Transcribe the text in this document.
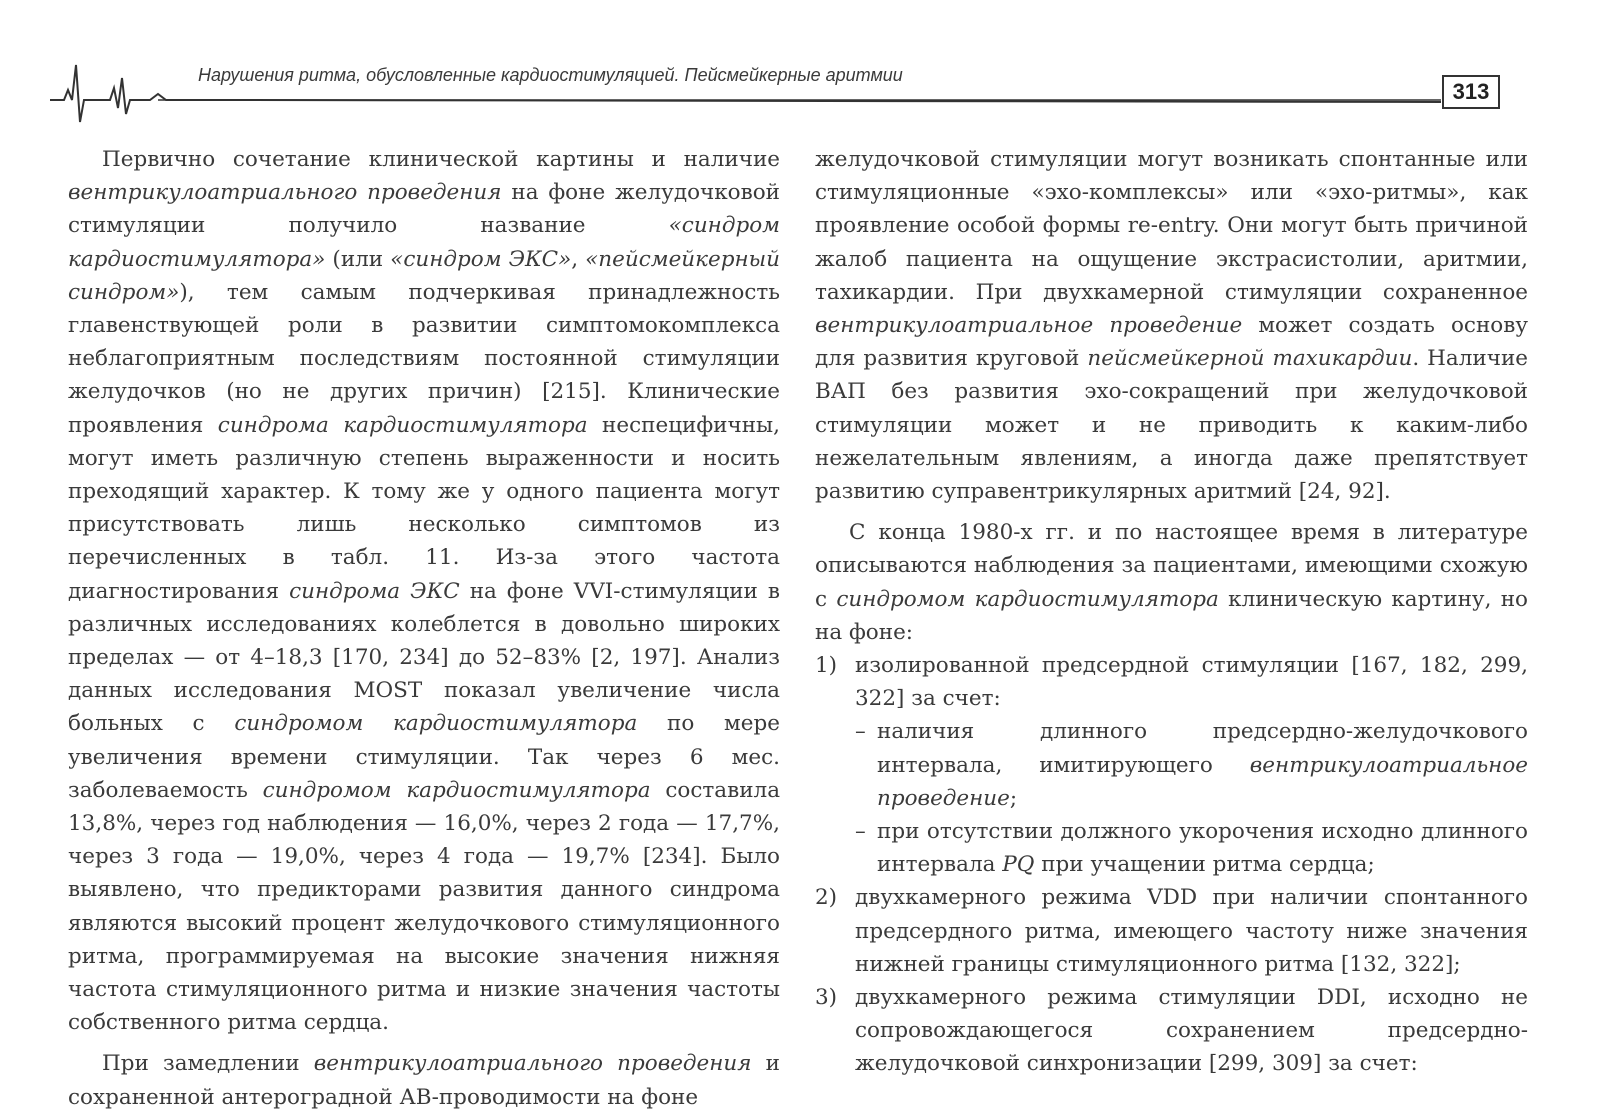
Нарушения ритма, обусловленные кардиостимуляцией. Пейсмейкерные аритмии
313

Первично сочетание клинической картины и наличие вентрикулоатриального проведения на фоне желудочковой стимуляции получило название «синдром кардиостимулятора» (или «синдром ЭКС», «пейсмейкерный синдром»), тем самым подчеркивая принадлежность главенствующей роли в развитии симптомокомплекса неблагоприятным последствиям постоянной стимуляции желудочков (но не других причин) [215]. Клинические проявления синдрома кардиостимулятора неспецифичны, могут иметь различную степень выраженности и носить преходящий характер. К тому же у одного пациента могут присутствовать лишь несколько симптомов из перечисленных в табл. 11. Из-за этого частота диагностирования синдрома ЭКС на фоне VVI-стимуляции в различных исследованиях колеблется в довольно широких пределах — от 4–18,3 [170, 234] до 52–83% [2, 197]. Анализ данных исследования MOST показал увеличение числа больных с синдромом кардиостимулятора по мере увеличения времени стимуляции. Так через 6 мес. заболеваемость синдромом кардиостимулятора составила 13,8%, через год наблюдения — 16,0%, через 2 года — 17,7%, через 3 года — 19,0%, через 4 года — 19,7% [234]. Было выявлено, что предикторами развития данного синдрома являются высокий процент желудочкового стимуляционного ритма, программируемая на высокие значения нижняя частота стимуляционного ритма и низкие значения частоты собственного ритма сердца.

При замедлении вентрикулоатриального проведения и сохраненной антероградной АВ-проводимости на фоне

желудочковой стимуляции могут возникать спонтанные или стимуляционные «эхо-комплексы» или «эхо-ритмы», как проявление особой формы re-entry. Они могут быть причиной жалоб пациента на ощущение экстрасистолии, аритмии, тахикардии. При двухкамерной стимуляции сохраненное вентрикулоатриальное проведение может создать основу для развития круговой пейсмейкерной тахикардии. Наличие ВАП без развития эхо-сокращений при желудочковой стимуляции может и не приводить к каким-либо нежелательным явлениям, а иногда даже препятствует развитию суправентрикулярных аритмий [24, 92].

С конца 1980-х гг. и по настоящее время в литературе описываются наблюдения за пациентами, имеющими схожую с синдромом кардиостимулятора клиническую картину, но на фоне:

1) изолированной предсердной стимуляции [167, 182, 299, 322] за счет:
– наличия длинного предсердно-желудочкового интервала, имитирующего вентрикулоатриальное проведение;
– при отсутствии должного укорочения исходно длинного интервала PQ при учащении ритма сердца;
2) двухкамерного режима VDD при наличии спонтанного предсердного ритма, имеющего частоту ниже значения нижней границы стимуляционного ритма [132, 322];
3) двухкамерного режима стимуляции DDI, исходно не сопровождающегося сохранением предсердно-желудочковой синхронизации [299, 309] за счет:
